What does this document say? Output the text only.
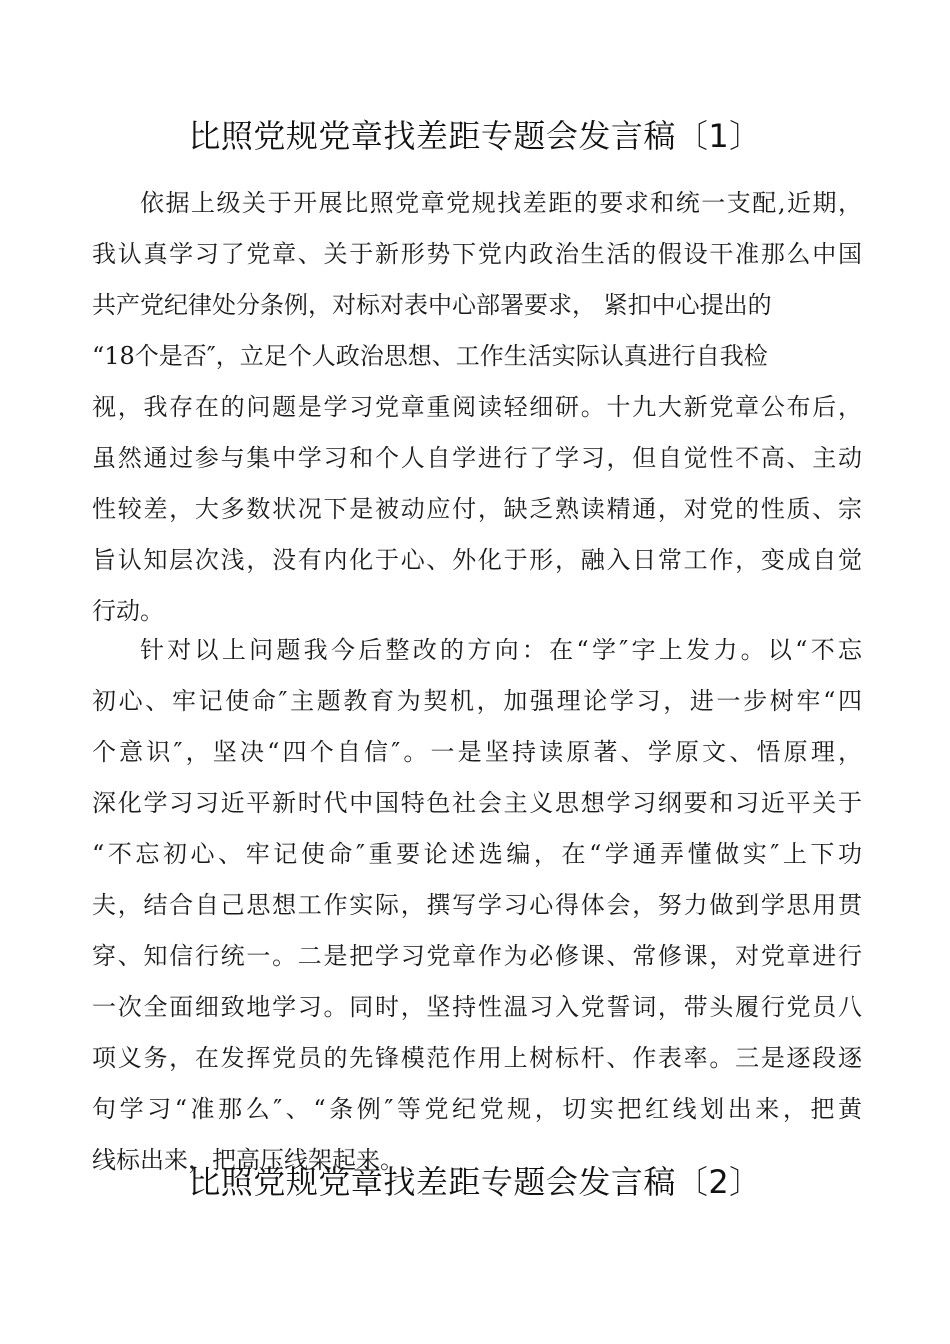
比照党规党章找差距专题会发言稿〔1〕
依据上级关于开展比照党章党规找差距的要求和统一支配,近期，
我认真学习了党章、关于新形势下党内政治生活的假设干准那么中国
共产党纪律处分条例，对标对表中心部署要求， 紧扣中心提出的
“18个是否″，立足个人政治思想、工作生活实际认真进行自我检
视，我存在的问题是学习党章重阅读轻细研。十九大新党章公布后，
虽然通过参与集中学习和个人自学进行了学习，但自觉性不高、主动
性较差，大多数状况下是被动应付，缺乏熟读精通，对党的性质、宗
旨认知层次浅，没有内化于心、外化于形，融入日常工作，变成自觉
行动。
针对以上问题我今后整改的方向：在“学″字上发力。以“不忘
初心、牢记使命″主题教育为契机，加强理论学习，进一步树牢“四
个意识″，坚决“四个自信″。一是坚持读原著、学原文、悟原理，
深化学习习近平新时代中国特色社会主义思想学习纲要和习近平关于
“不忘初心、牢记使命″重要论述选编，在“学通弄懂做实″上下功
夫，结合自己思想工作实际，撰写学习心得体会，努力做到学思用贯
穿、知信行统一。二是把学习党章作为必修课、常修课，对党章进行
一次全面细致地学习。同时，坚持性温习入党誓词，带头履行党员八
项义务，在发挥党员的先锋模范作用上树标杆、作表率。三是逐段逐
句学习“准那么″、“条例″等党纪党规，切实把红线划出来，把黄
线标出来，把高压线架起来。
比照党规党章找差距专题会发言稿〔2〕
